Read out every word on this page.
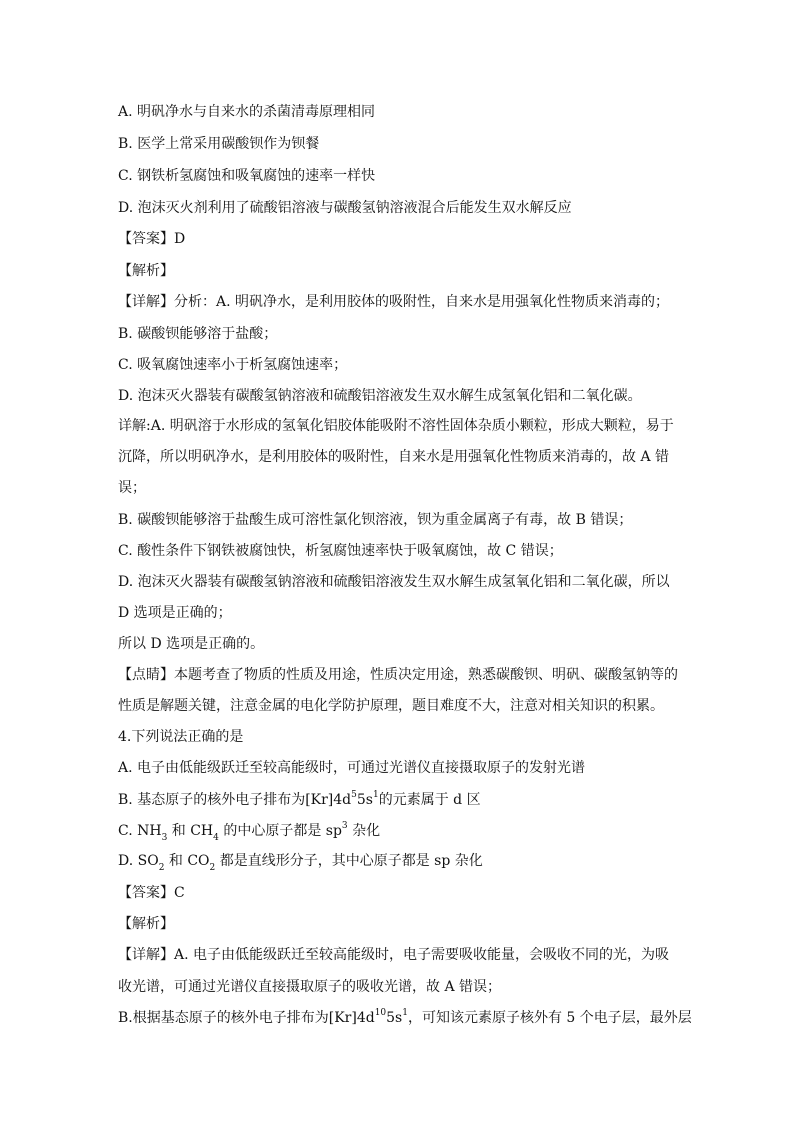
A. 明矾净水与自来水的杀菌清毒原理相同
B. 医学上常采用碳酸钡作为钡餐
C. 钢铁析氢腐蚀和吸氧腐蚀的速率一样快
D. 泡沫灭火剂利用了硫酸铝溶液与碳酸氢钠溶液混合后能发生双水解反应
【答案】D
【解析】
【详解】分析：A. 明矾净水，是利用胶体的吸附性，自来水是用强氧化性物质来消毒的；
B. 碳酸钡能够溶于盐酸；
C. 吸氧腐蚀速率小于析氢腐蚀速率；
D. 泡沫灭火器装有碳酸氢钠溶液和硫酸铝溶液发生双水解生成氢氧化铝和二氧化碳。
详解:A. 明矾溶于水形成的氢氧化铝胶体能吸附不溶性固体杂质小颗粒，形成大颗粒，易于
沉降，所以明矾净水，是利用胶体的吸附性，自来水是用强氧化性物质来消毒的，故 A 错
误；
B. 碳酸钡能够溶于盐酸生成可溶性氯化钡溶液，钡为重金属离子有毒，故 B 错误；
C. 酸性条件下钢铁被腐蚀快，析氢腐蚀速率快于吸氧腐蚀，故 C 错误；
D. 泡沫灭火器装有碳酸氢钠溶液和硫酸铝溶液发生双水解生成氢氧化铝和二氧化碳，所以
D 选项是正确的；
所以 D 选项是正确的。
【点睛】本题考查了物质的性质及用途，性质决定用途，熟悉碳酸钡、明矾、碳酸氢钠等的
性质是解题关键，注意金属的电化学防护原理，题目难度不大，注意对相关知识的积累。
4.下列说法正确的是
A. 电子由低能级跃迁至较高能级时，可通过光谱仪直接摄取原子的发射光谱
B. 基态原子的核外电子排布为$[Kr]4d^55s^1$的元素属于 d 区
C. $NH_3$ 和 $CH_4$ 的中心原子都是 $sp^3$ 杂化
D. $SO_2$ 和 $CO_2$ 都是直线形分子，其中心原子都是 sp 杂化
【答案】C
【解析】
【详解】A. 电子由低能级跃迁至较高能级时，电子需要吸收能量，会吸收不同的光，为吸
收光谱，可通过光谱仪直接摄取原子的吸收光谱，故 A 错误；
B.根据基态原子的核外电子排布为$[Kr]4d^{10}5s^1$，可知该元素原子核外有 5 个电子层，最外层
